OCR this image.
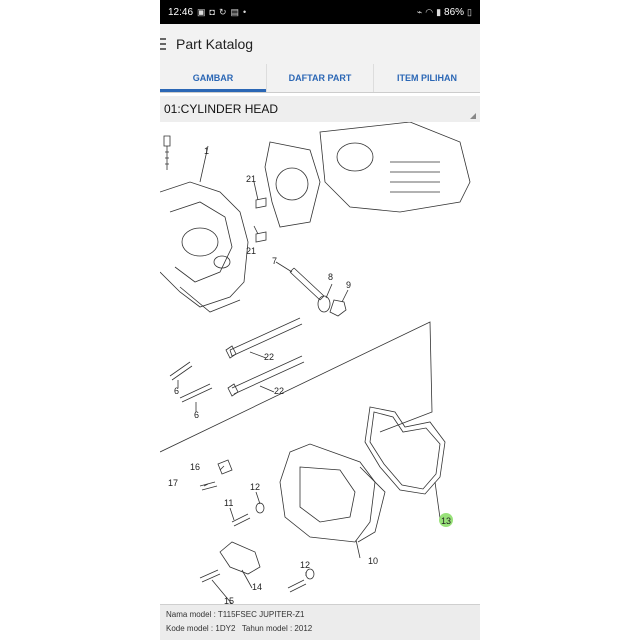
12:46 ▣ ◘ ↻ ▤ •	⌁ ◠ ▮ 86% ▯
Part Katalog
GAMBAR	DAFTAR PART	ITEM PILIHAN
01:CYLINDER HEAD
1
21
21
7
8
9
22
22
6
6
13
16
17
11
12
10
14
15
12
Nama model : T115FSEC JUPITER-Z1
Kode model : 1DY2 Tahun model : 2012
